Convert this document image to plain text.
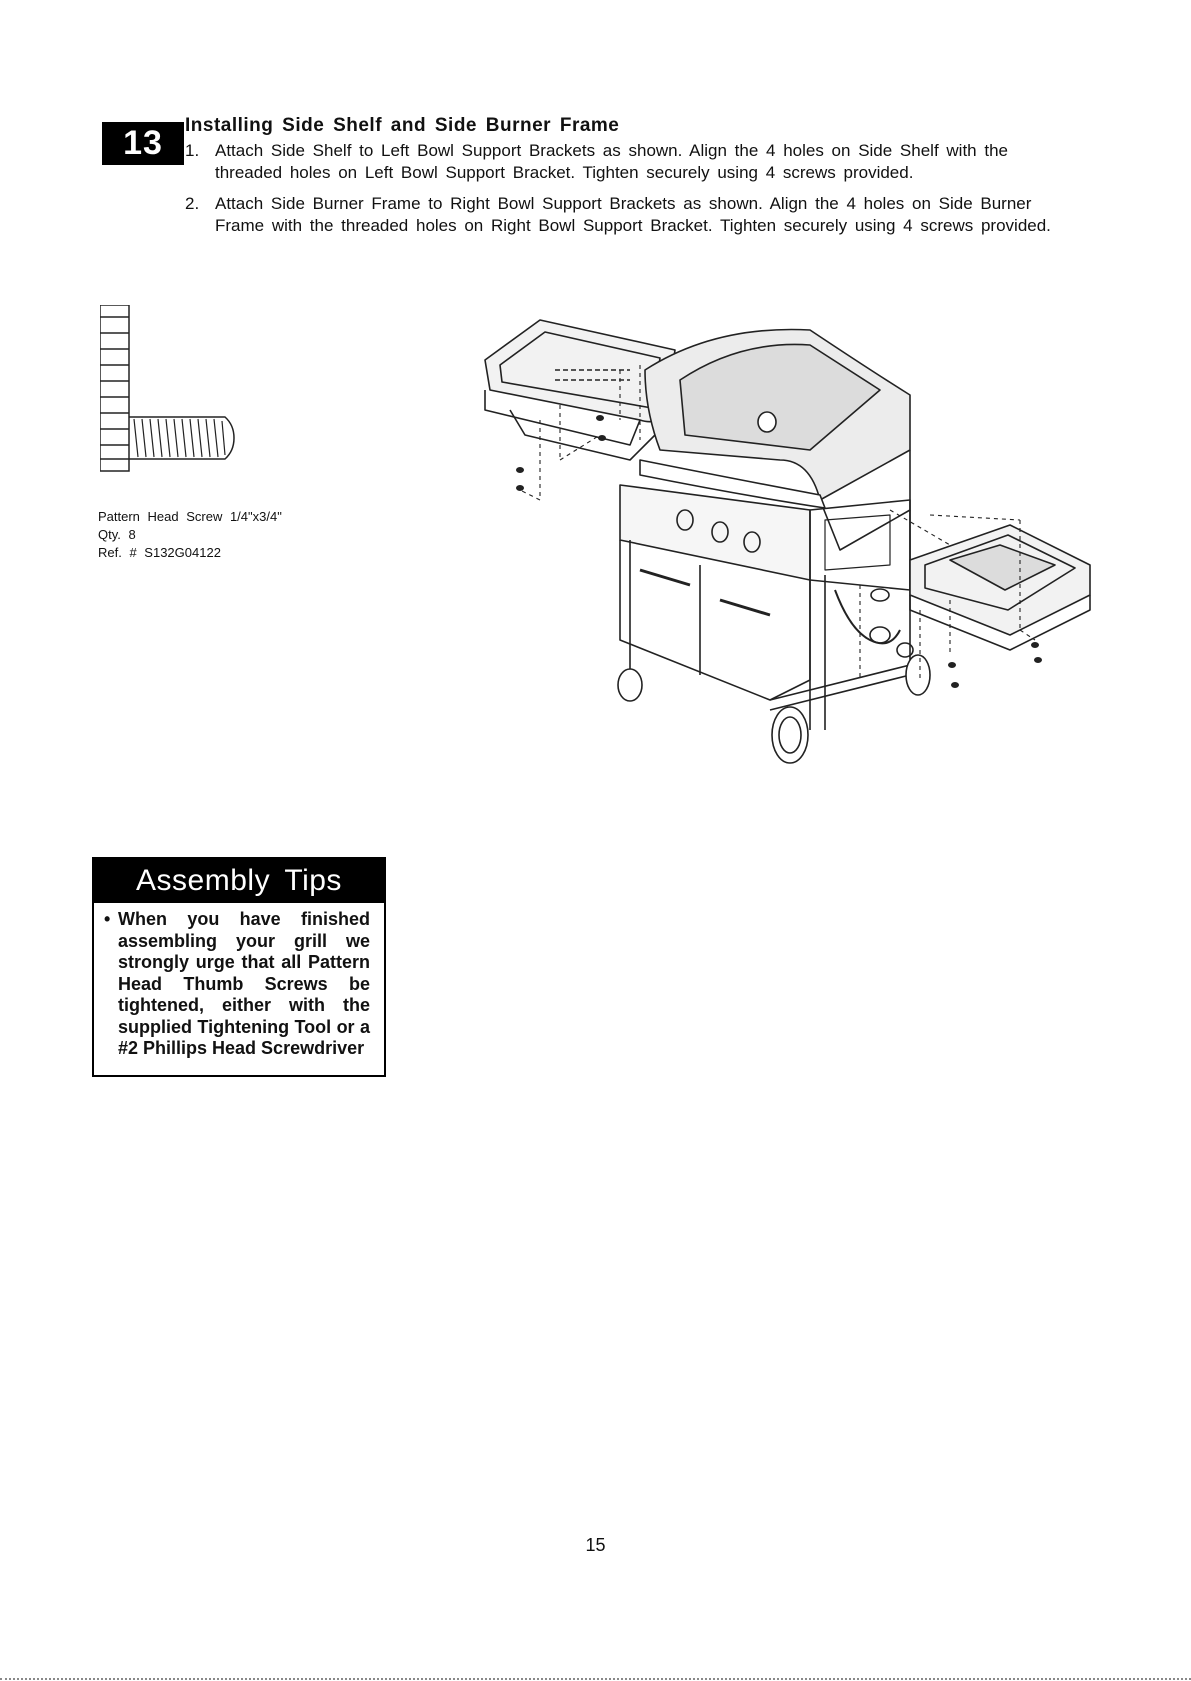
13	Installing Side Shelf and Side Burner Frame
1. Attach Side Shelf to Left Bowl Support Brackets as shown. Align the 4 holes on Side Shelf with the threaded holes on Left Bowl Support Bracket. Tighten securely using 4 screws provided.
2. Attach Side Burner Frame to Right Bowl Support Brackets as shown. Align the 4 holes on Side Burner Frame with the threaded holes on Right Bowl Support Bracket. Tighten securely using 4 screws provided.
Pattern Head Screw 1/4"x3/4"
Qty. 8
Ref. # S132G04122
Assembly Tips
• When you have finished assembling your grill we strongly urge that all Pattern Head Thumb Screws be tightened, either with the supplied Tightening Tool or a #2 Phillips Head Screwdriver
15
